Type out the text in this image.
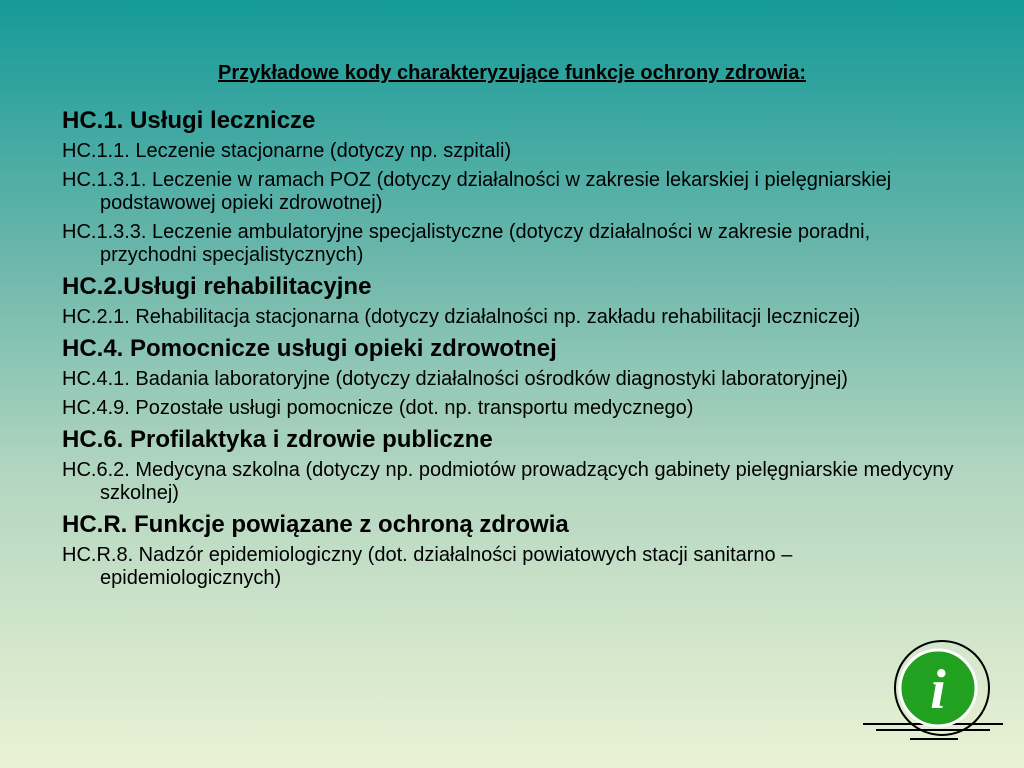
Przykładowe kody charakteryzujące funkcje ochrony zdrowia:
HC.1. Usługi lecznicze
HC.1.1. Leczenie stacjonarne (dotyczy np. szpitali)
HC.1.3.1. Leczenie w ramach POZ (dotyczy działalności w zakresie lekarskiej i pielęgniarskiej podstawowej opieki zdrowotnej)
HC.1.3.3. Leczenie ambulatoryjne specjalistyczne (dotyczy działalności w zakresie poradni, przychodni specjalistycznych)
HC.2.Usługi rehabilitacyjne
HC.2.1. Rehabilitacja stacjonarna (dotyczy działalności np. zakładu rehabilitacji leczniczej)
HC.4. Pomocnicze usługi opieki zdrowotnej
HC.4.1. Badania laboratoryjne (dotyczy działalności ośrodków diagnostyki laboratoryjnej)
HC.4.9. Pozostałe usługi pomocnicze (dot. np. transportu medycznego)
HC.6. Profilaktyka i zdrowie publiczne
HC.6.2. Medycyna szkolna (dotyczy np. podmiotów prowadzących gabinety pielęgniarskie medycyny szkolnej)
HC.R. Funkcje powiązane z ochroną zdrowia
HC.R.8. Nadzór epidemiologiczny (dot. działalności powiatowych stacji sanitarno – epidemiologicznych)
i
